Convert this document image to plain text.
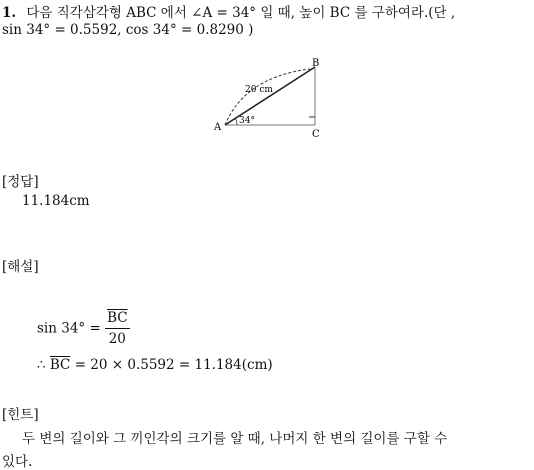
1. 다음 직각삼각형 ABC 에서 ∠A = 34° 일 때, 높이 BC 를 구하여라.(단 ,
sin 34° = 0.5592, cos 34° = 0.8290 )
A
B
C
20 cm
34°
[정답]
11.184cm
[해설]
$\sin 34^\circ = \frac{\overline{BC}}{20}$
∴ $\overline{BC} = 20 \times 0.5592 = 11.184(cm)$
[힌트]
두 변의 길이와 그 끼인각의 크기를 알 때, 나머지 한 변의 길이를 구할 수
있다.
